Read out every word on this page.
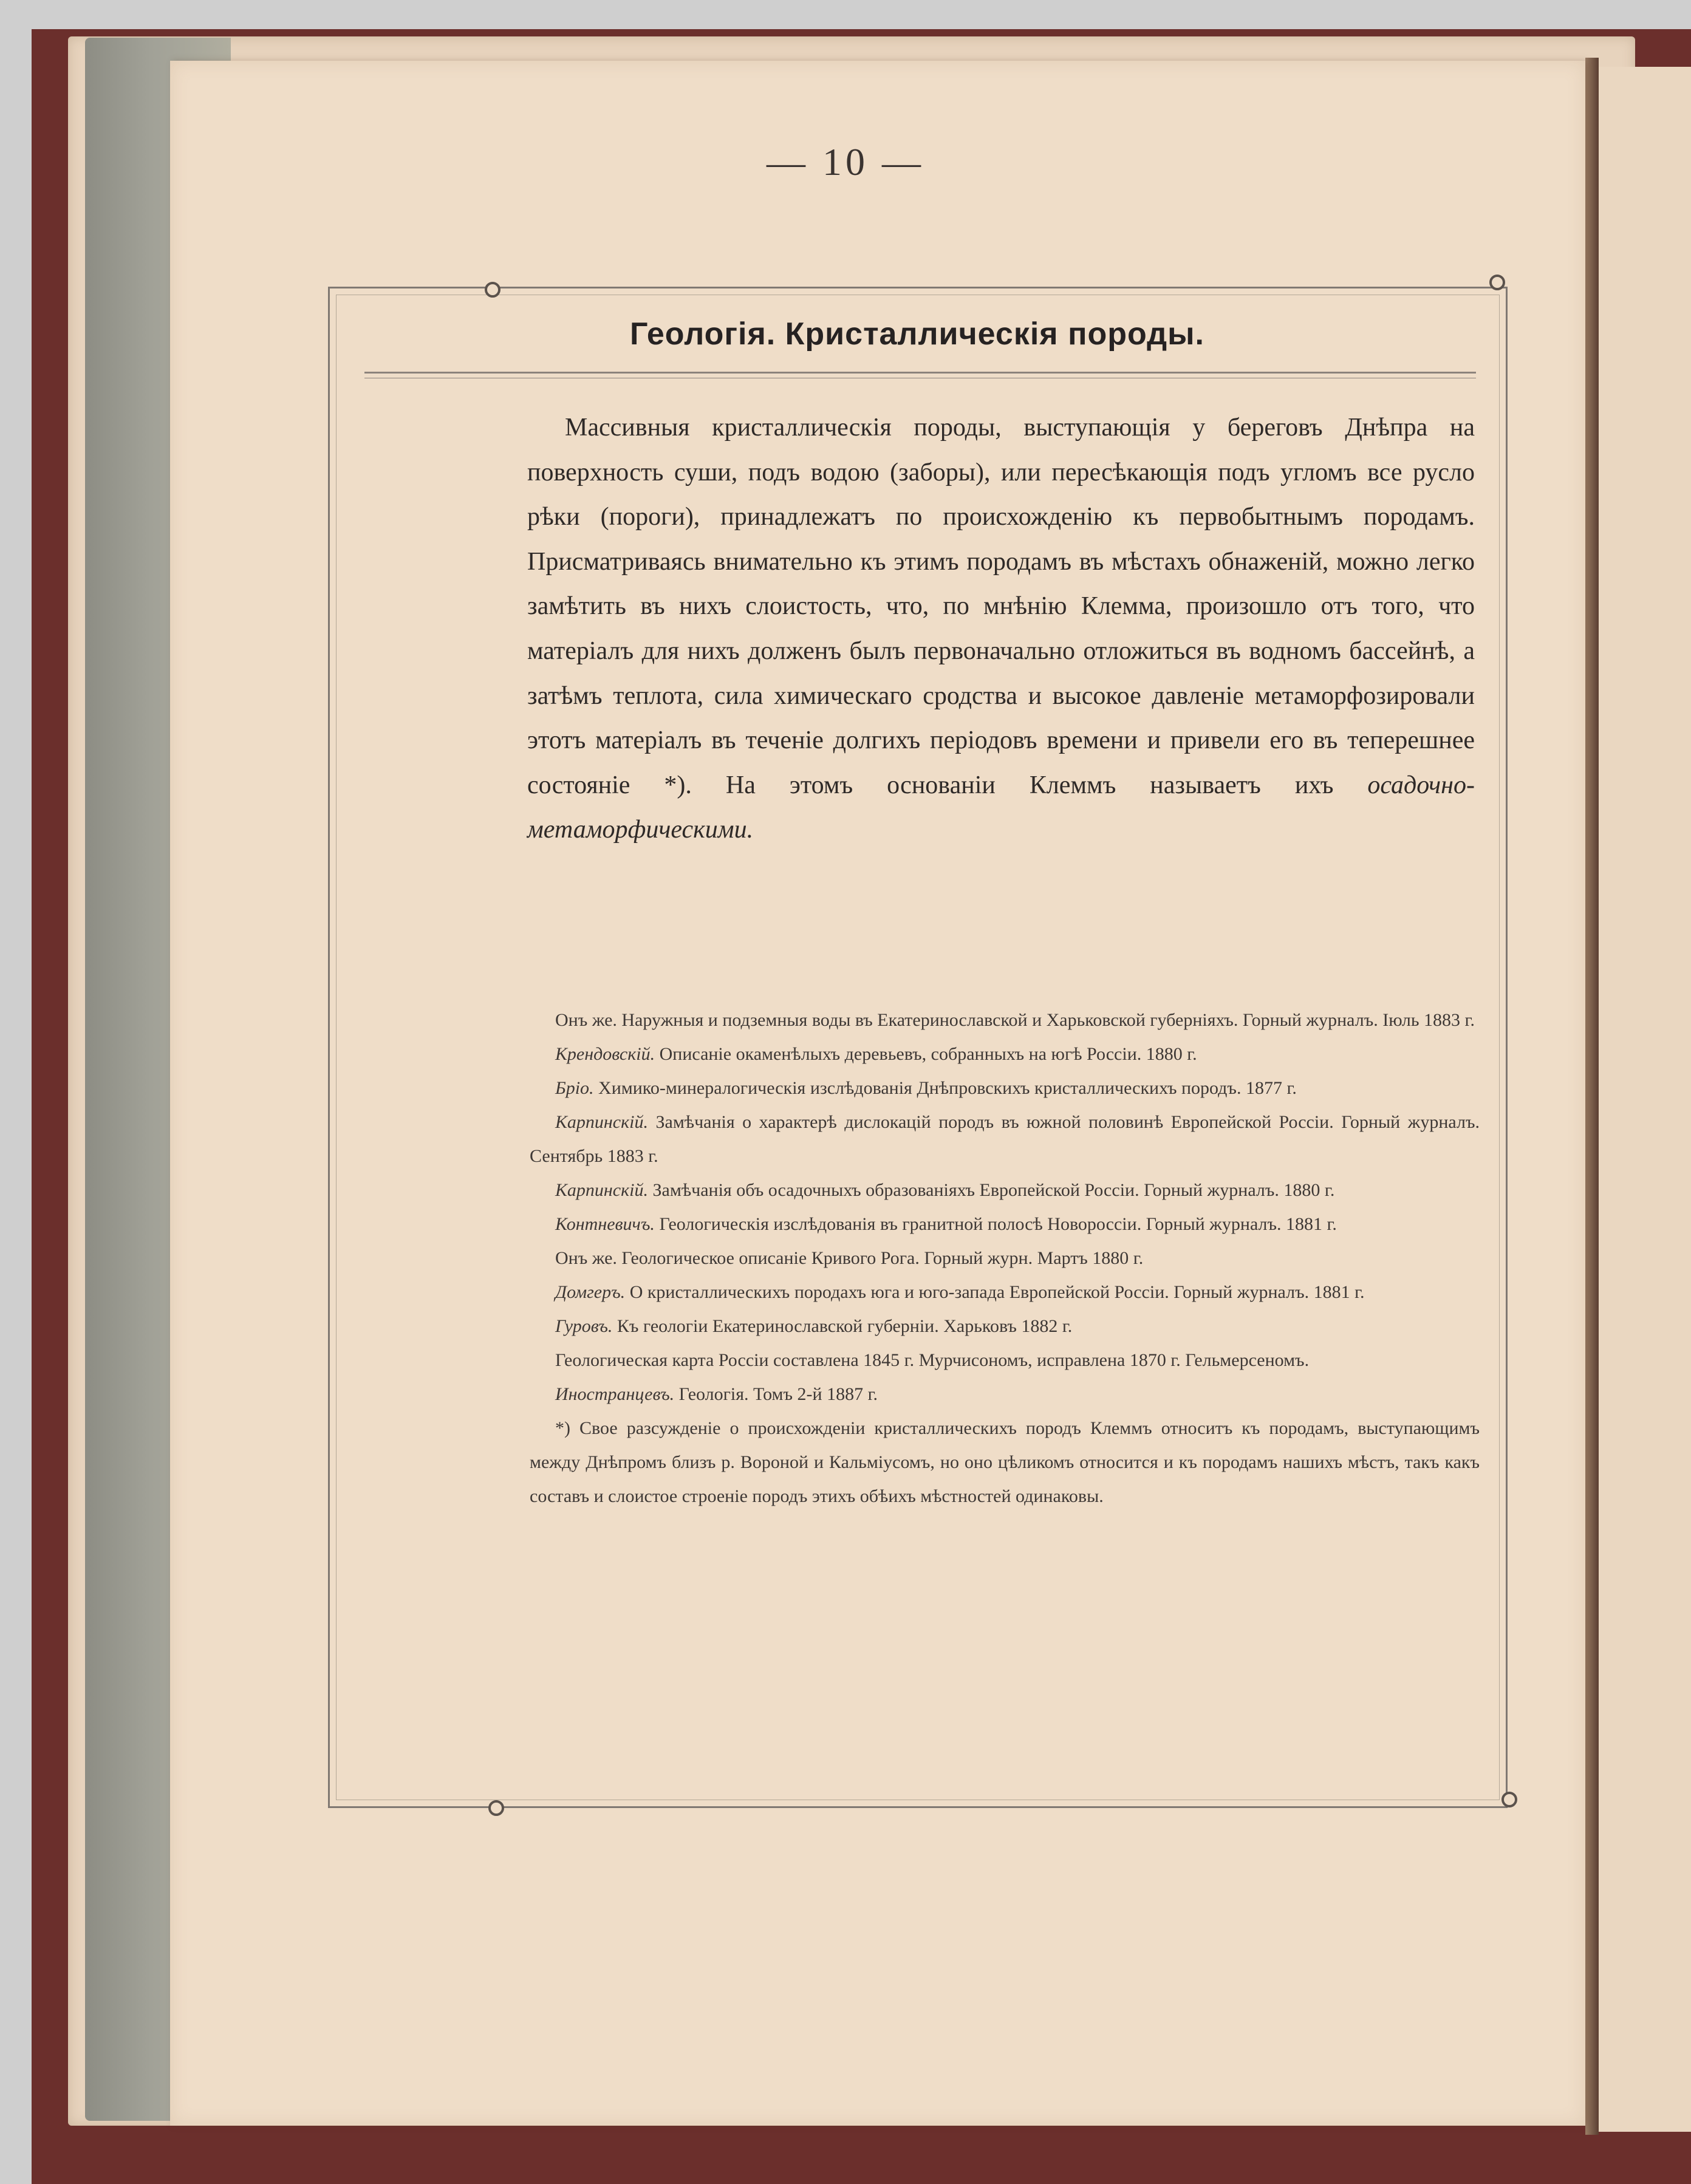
— 10 —
Геологія. Кристаллическія породы.

Массивныя кристаллическія породы, выступающія у береговъ Днѣпра на поверхность суши, подъ водою (заборы), или пересѣкающія подъ угломъ все русло рѣки (пороги), принадлежатъ по происхожденію къ первобытнымъ породамъ. Присматриваясь внимательно къ этимъ породамъ въ мѣстахъ обнаженій, можно легко замѣтить въ нихъ слоистость, что, по мнѣнію Клемма, произошло отъ того, что матеріалъ для нихъ долженъ былъ первоначально отложиться въ водномъ бассейнѣ, а затѣмъ теплота, сила химическаго сродства и высокое давленіе метаморфозировали этотъ матеріалъ въ теченіе долгихъ періодовъ времени и привели его въ теперешнее состояніе *). На этомъ основаніи Клеммъ называетъ ихъ осадочно-метаморфическими.

Онъ же. Наружныя и подземныя воды въ Екатеринославской и Харьковской губерніяхъ. Горный журналъ. Іюль 1883 г.

Крендовскій. Описаніе окаменѣлыхъ деревьевъ, собранныхъ на югѣ Россіи. 1880 г.

Бріо. Химико-минералогическія изслѣдованія Днѣпровскихъ кристаллическихъ породъ. 1877 г.

Карпинскій. Замѣчанія о характерѣ дислокацій породъ въ южной половинѣ Европейской Россіи. Горный журналъ. Сентябрь 1883 г.

Карпинскій. Замѣчанія объ осадочныхъ образованіяхъ Европейской Россіи. Горный журналъ. 1880 г.

Контневичъ. Геологическія изслѣдованія въ гранитной полосѣ Новороссіи. Горный журналъ. 1881 г.

Онъ же. Геологическое описаніе Кривого Рога. Горный журн. Мартъ 1880 г.

Домгеръ. О кристаллическихъ породахъ юга и юго-запада Европейской Россіи. Горный журналъ. 1881 г.

Гуровъ. Къ геологіи Екатеринославской губерніи. Харьковъ 1882 г.

Геологическая карта Россіи составлена 1845 г. Мурчисономъ, исправлена 1870 г. Гельмерсеномъ.

Иностранцевъ. Геологія. Томъ 2-й 1887 г.

*) Свое разсужденіе о происхожденіи кристаллическихъ породъ Клеммъ относитъ къ породамъ, выступающимъ между Днѣпромъ близъ р. Вороной и Кальміусомъ, но оно цѣликомъ относится и къ породамъ нашихъ мѣстъ, такъ какъ составъ и слоистое строеніе породъ этихъ обѣихъ мѣстностей одинаковы.
